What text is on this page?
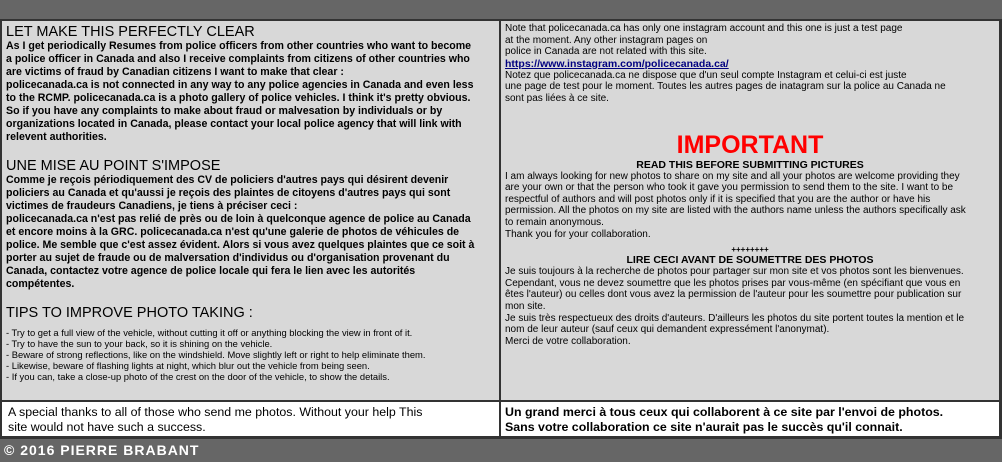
LET MAKE THIS PERFECTLY CLEAR

As I get periodically Resumes from police officers from other countries who want to become

a police officer in Canada and also I receive complaints from citizens of other countries who

are victims of fraud by Canadian citizens I want to make that clear :

policecanada.ca is not connected in any way to any police agencies in Canada and even less

to the RCMP. policecanada.ca is a photo gallery of police vehicles. I think it's pretty obvious.

So if you have any complaints to make about fraud or malvesation by individuals or by

organizations located in Canada, please contact your local police agency that will link with

relevent authorities.

UNE MISE AU POINT S'IMPOSE

Comme je reçois périodiquement des CV de policiers d'autres pays qui désirent devenir

policiers au Canada et qu'aussi je reçois des plaintes de citoyens d'autres pays qui sont

victimes de fraudeurs Canadiens, je tiens à préciser ceci :

policecanada.ca n'est pas relié de près ou de loin à quelconque agence de police au Canada

et encore moins à la GRC. policecanada.ca n'est qu'une galerie de photos de véhicules de

police. Me semble que c'est assez évident. Alors si vous avez quelques plaintes que ce soit à

porter au sujet de fraude ou de malversation d'individus ou d'organisation provenant du

Canada, contactez votre agence de police locale qui fera le lien avec les autorités

compétentes.

TIPS TO IMPROVE PHOTO TAKING :

- Try to get a full view of the vehicle, without cutting it off or anything blocking the view in front of it.

- Try to have the sun to your back, so it is shining on the vehicle.

- Beware of strong reflections, like on the windshield. Move slightly left or right to help eliminate them.

- Likewise, beware of flashing lights at night, which blur out the vehicle from being seen.

- If you can, take a close-up photo of the crest on the door of the vehicle, to show the details.

Note that policecanada.ca has only one instagram account and this one is just a test page

at the moment. Any other instagram pages on

police in Canada are not related with this site.

https://www.instagram.com/policecanada.ca/

Notez que policecanada.ca ne dispose que d'un seul compte Instagram et celui-ci est juste

une page de test pour le moment. Toutes les autres pages de inatagram sur la police au Canada ne

sont pas liées à ce site.

IMPORTANT

READ THIS BEFORE SUBMITTING PICTURES

I am always looking for new photos to share on my site and all your photos are welcome providing they

are your own or that the person who took it gave you permission to send them to the site. I want to be

respectful of authors and will post photos only if it is specified that you are the author or have his

permission. All the photos on my site are listed with the authors name unless the authors specifically ask

to remain anonymous.

Thank you for your collaboration.

++++++++

LIRE CECI AVANT DE SOUMETTRE DES PHOTOS

Je suis toujours à la recherche de photos pour partager sur mon site et vos photos sont les bienvenues.

Cependant, vous ne devez soumettre que les photos prises par vous-même (en spécifiant que vous en

êtes l'auteur) ou celles dont vous avez la permission de l'auteur pour les soumettre pour publication sur

mon site.

Je suis très respectueux des droits d'auteurs. D'ailleurs les photos du site portent toutes la mention et le

nom de leur auteur (sauf ceux qui demandent expressément l'anonymat).

Merci de votre collaboration.

A special thanks to all of those who send me photos. Without your help This

site would not have such a success.

Un grand merci à tous ceux qui collaborent à ce site par l'envoi de photos.

Sans votre collaboration ce site n'aurait pas le succès qu'il connait.

© 2016 PIERRE BRABANT
